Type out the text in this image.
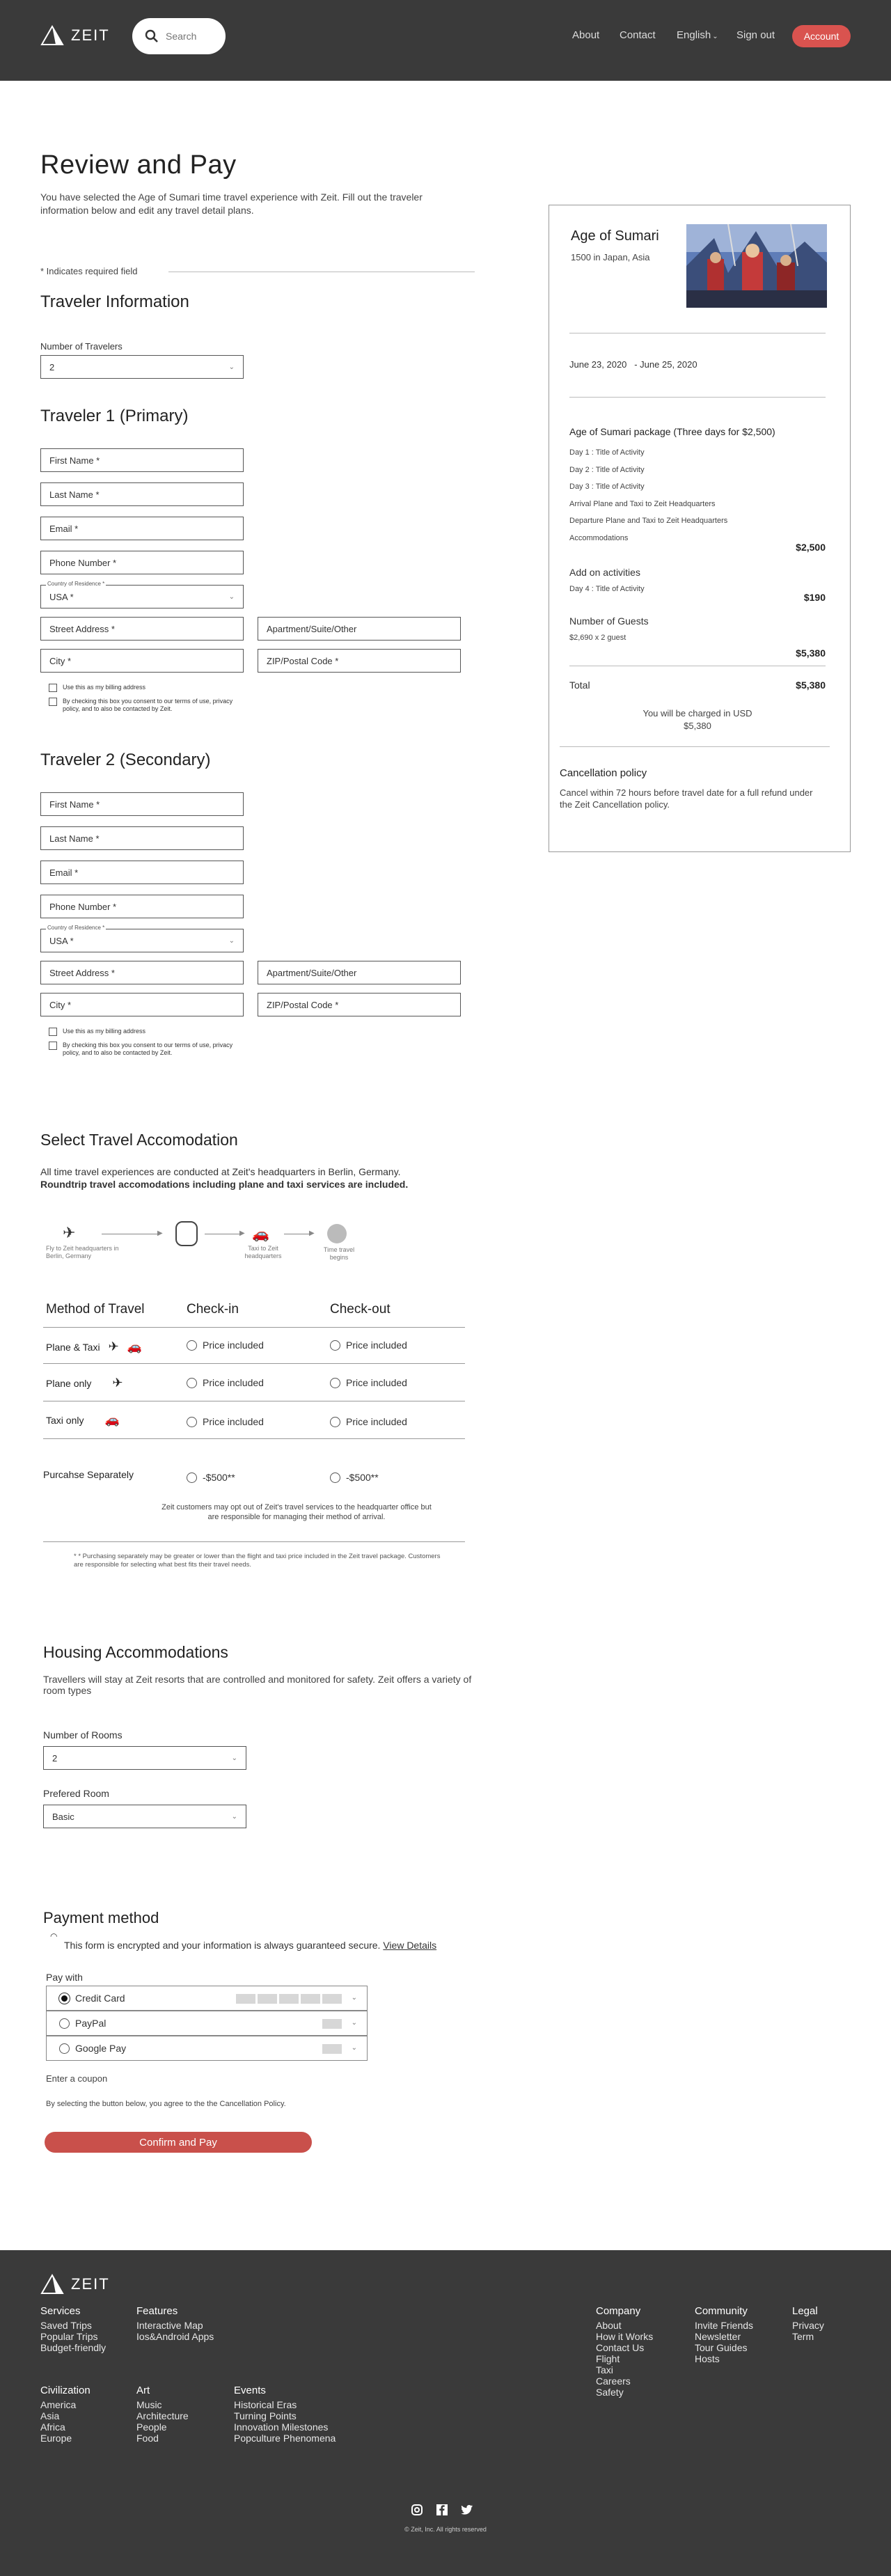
ZEIT
Search	About Contact English ⌄ Sign out	Account
Review and Pay
You have selected the Age of Sumari time travel experience with Zeit. Fill out the traveler information below and edit any travel detail plans.
* Indicates required field
Traveler Information
Number of Travelers
2	⌄
Traveler 1 (Primary)
First Name *
Last Name *
Email *
Phone Number *
USA *	⌄
Country of Residence *
Street Address *	Apartment/Suite/Other
City *	ZIP/Postal Code *
Use this as my billing address
By checking this box you consent to our terms of use, privacy policy, and to also be contacted by Zeit.
Traveler 2 (Secondary)
First Name *
Last Name *
Email *
Phone Number *
USA *	⌄
Country of Residence *
Street Address *	Apartment/Suite/Other
City *	ZIP/Postal Code *
Use this as my billing address
By checking this box you consent to our terms of use, privacy policy, and to also be contacted by Zeit.
Age of Sumari
1500 in Japan, Asia
June 23, 2020   - June 25, 2020
Age of Sumari package (Three days for $2,500)
Day 1 : Title of Activity
Day 2 : Title of Activity
Day 3 : Title of Activity
Arrival Plane and Taxi to Zeit Headquarters
Departure Plane and Taxi to Zeit Headquarters
Accommodations
$2,500
Add on activities
Day 4 : Title of Activity
$190
Number of Guests
$2,690 x 2 guest
$5,380
Total	$5,380
You will be charged in USD
$5,380
Cancellation policy
Cancel within 72 hours before travel date for a full refund under the Zeit Cancellation policy.
Select Travel Accomodation
All time travel experiences are conducted at Zeit's headquarters in Berlin, Germany. Roundtrip travel accomodations including plane and taxi services are included.
✈	▶	▶ 🚗	▶
Fly to Zeit headquarters in Berlin, Germany
Taxi to Zeit headquarters
Time travel begins
Method of Travel	Check-in	Check-out
Plane & Taxi ✈ 🚗	Price included	Price included
Plane only ✈	Price included	Price included
Taxi only 🚗	Price included	Price included
Purcahse Separately	-$500**	-$500**
Zeit customers may opt out of Zeit's travel services to the headquarter office but are responsible for managing their method of arrival.
* * Purchasing separately may be greater or lower than the flight and taxi price included in the Zeit travel package. Customers are responsible for selecting what best fits their travel needs.
Housing Accommodations
Travellers will stay at Zeit resorts that are controlled and monitored for safety. Zeit offers a variety of room types
Number of Rooms
2	⌄
Prefered Room
Basic	⌄
Payment method
◠
This form is encrypted and your information is always guaranteed secure. View Details
Pay with
Credit Card	⌄
PayPal	⌄
Google Pay	⌄
Enter a coupon
By selecting the button below, you agree to the the Cancellation Policy.
Confirm and Pay
ZEIT
Services
Saved Trips
Popular Trips
Budget-friendly
Features
Interactive Map
Ios&Android Apps
Civilization
America
Asia
Africa
Europe
Art
Music
Architecture
People
Food
Events
Historical Eras
Turning Points
Innovation Milestones
Popculture Phenomena
Company
About
How it Works
Contact Us
Flight
Taxi
Careers
Safety
Community
Invite Friends
Newsletter
Tour Guides
Hosts
Legal
Privacy
Term
© Zeit, Inc. All rights reserved
